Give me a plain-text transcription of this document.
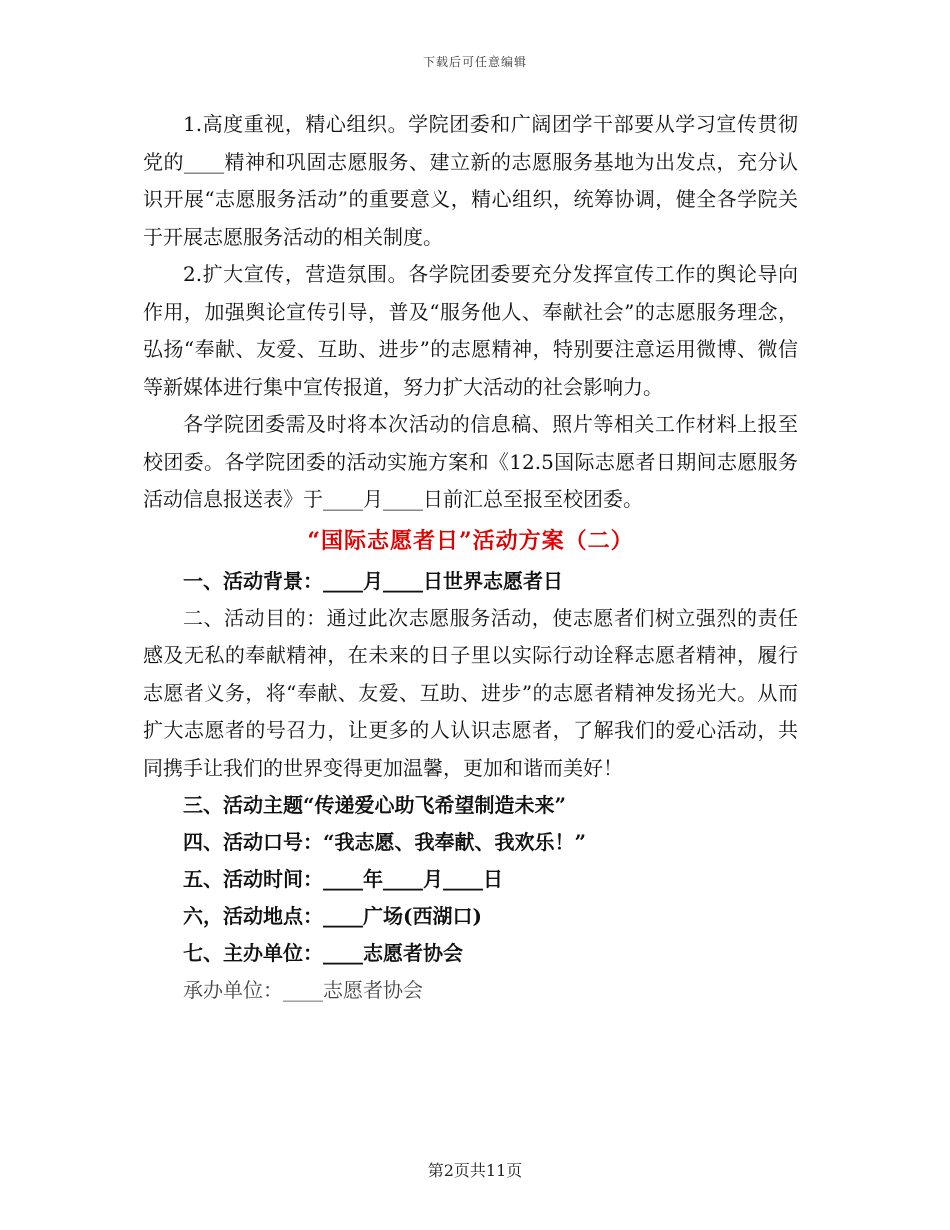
下载后可任意编辑

1.高度重视，精心组织。学院团委和广阔团学干部要从学习宣传贯彻党的____精神和巩固志愿服务、建立新的志愿服务基地为出发点，充分认识开展“志愿服务活动”的重要意义，精心组织，统筹协调，健全各学院关于开展志愿服务活动的相关制度。

2.扩大宣传，营造氛围。各学院团委要充分发挥宣传工作的舆论导向作用，加强舆论宣传引导，普及“服务他人、奉献社会”的志愿服务理念，弘扬“奉献、友爱、互助、进步”的志愿精神，特别要注意运用微博、微信等新媒体进行集中宣传报道，努力扩大活动的社会影响力。

各学院团委需及时将本次活动的信息稿、照片等相关工作材料上报至校团委。各学院团委的活动实施方案和《12.5国际志愿者日期间志愿服务活动信息报送表》于____月____日前汇总至报至校团委。

“国际志愿者日”活动方案（二）

一、活动背景：____月____日世界志愿者日

二、活动目的：通过此次志愿服务活动，使志愿者们树立强烈的责任感及无私的奉献精神，在未来的日子里以实际行动诠释志愿者精神，履行志愿者义务，将“奉献、友爱、互助、进步”的志愿者精神发扬光大。从而扩大志愿者的号召力，让更多的人认识志愿者，了解我们的爱心活动，共同携手让我们的世界变得更加温馨，更加和谐而美好！

三、活动主题“传递爱心助飞希望制造未来”

四、活动口号：“我志愿、我奉献、我欢乐！”

五、活动时间：____年____月____日

六，活动地点：____广场(西湖口)

七、主办单位：____志愿者协会

承办单位：____志愿者协会

第2页共11页
